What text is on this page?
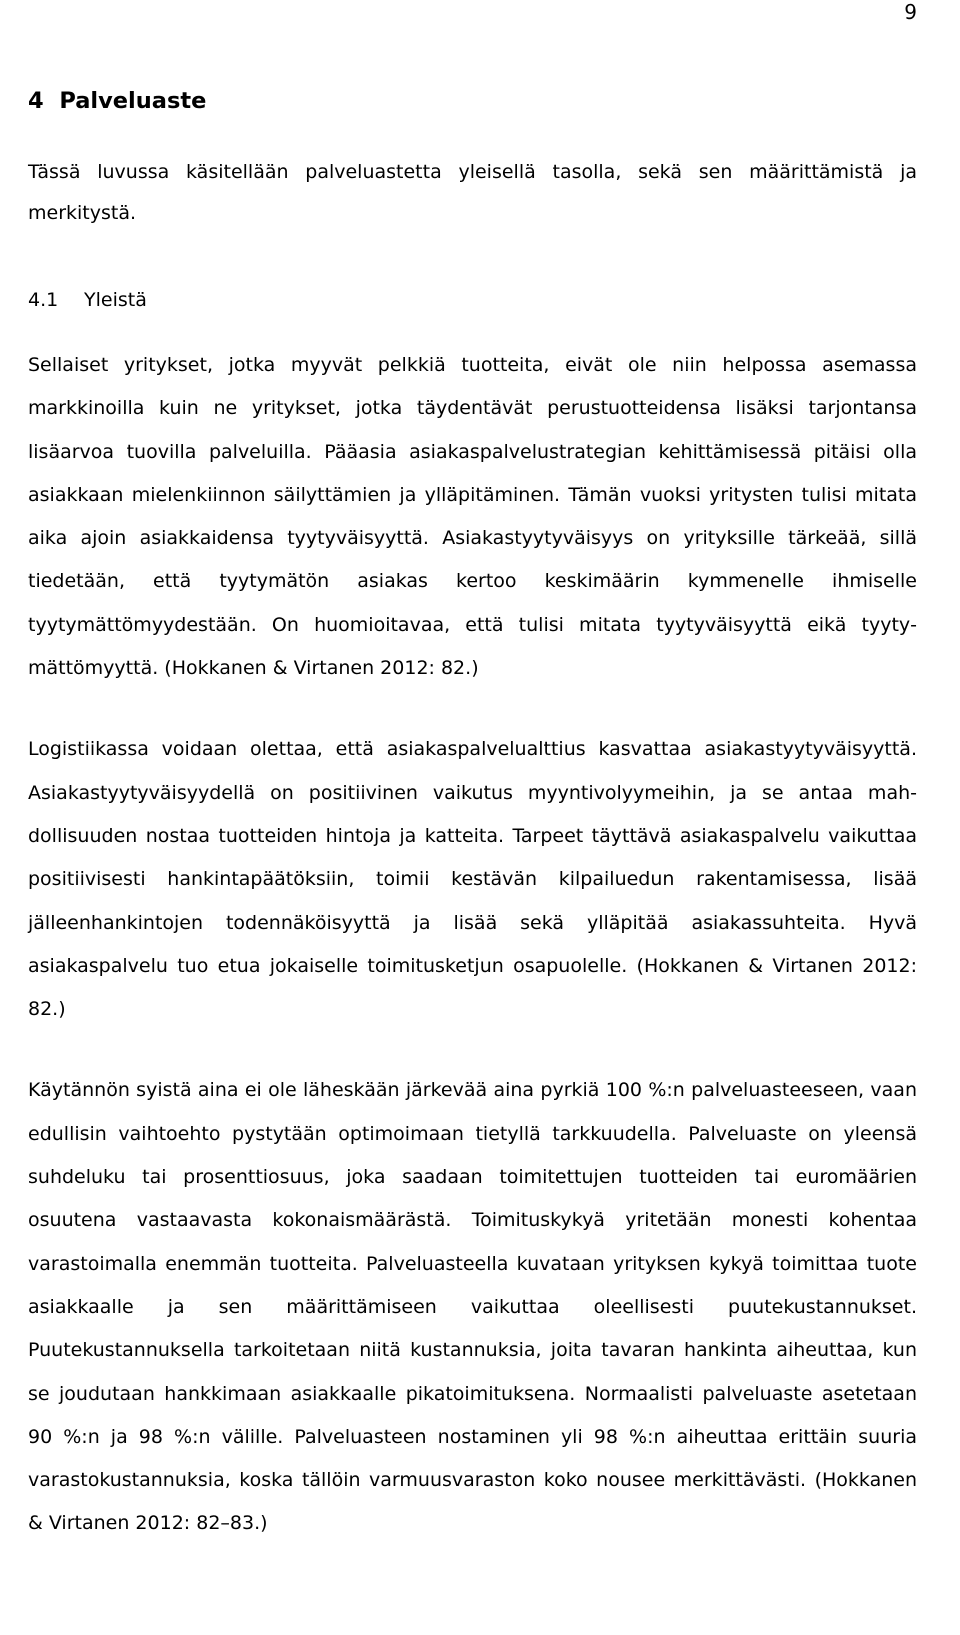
9
4  Palveluaste

Tässä luvussa käsitellään palveluastetta yleisellä tasolla, sekä sen määrittämistä ja merkitystä.

4.1 Yleistä

Sellaiset yritykset, jotka myyvät pelkkiä tuotteita, eivät ole niin helpossa asemassa markkinoilla kuin ne yritykset, jotka täydentävät perustuotteidensa lisäksi tarjontansa lisäarvoa tuovilla palveluilla. Pääasia asiakaspalvelustrategian kehittämisessä pitäisi olla asiakkaan mielenkiinnon säilyttämien ja ylläpitäminen. Tämän vuoksi yritysten tulisi mitata aika ajoin asiakkaidensa tyytyväisyyttä. Asiakastyytyväisyys on yrityksille tärkeää, sillä tiedetään, että tyytymätön asiakas kertoo keskimäärin kymmenelle ihmiselle tyytymättömyydestään. On huomioitavaa, että tulisi mitata tyytyväisyyttä eikä tyytymättömyyttä. (Hokkanen & Virtanen 2012: 82.)

Logistiikassa voidaan olettaa, että asiakaspalvelualttius kasvattaa asiakastyytyväisyyttä. Asiakastyytyväisyydellä on positiivinen vaikutus myyntivolyymeihin, ja se antaa mahdollisuuden nostaa tuotteiden hintoja ja katteita. Tarpeet täyttävä asiakaspalvelu vaikuttaa positiivisesti hankintapäätöksiin, toimii kestävän kilpailuedun rakentamisessa, lisää jälleenhankintojen todennäköisyyttä ja lisää sekä ylläpitää asiakassuhteita. Hyvä asiakaspalvelu tuo etua jokaiselle toimitusketjun osapuolelle. (Hokkanen & Virtanen 2012: 82.)

Käytännön syistä aina ei ole läheskään järkevää aina pyrkiä 100 %:n palveluasteeseen, vaan edullisin vaihtoehto pystytään optimoimaan tietyllä tarkkuudella. Palveluaste on yleensä suhdeluku tai prosenttiosuus, joka saadaan toimitettujen tuotteiden tai euromäärien osuutena vastaavasta kokonaismäärästä. Toimituskykyä yritetään monesti kohentaa varastoimalla enemmän tuotteita. Palveluasteella kuvataan yrityksen kykyä toimittaa tuote asiakkaalle ja sen määrittämiseen vaikuttaa oleellisesti puutekustannukset. Puutekustannuksella tarkoitetaan niitä kustannuksia, joita tavaran hankinta aiheuttaa, kun se joudutaan hankkimaan asiakkaalle pikatoimituksena. Normaalisti palveluaste asetetaan 90 %:n ja 98 %:n välille. Palveluasteen nostaminen yli 98 %:n aiheuttaa erittäin suuria varastokustannuksia, koska tällöin varmuusvaraston koko nousee merkittävästi. (Hokkanen & Virtanen 2012: 82–83.)
